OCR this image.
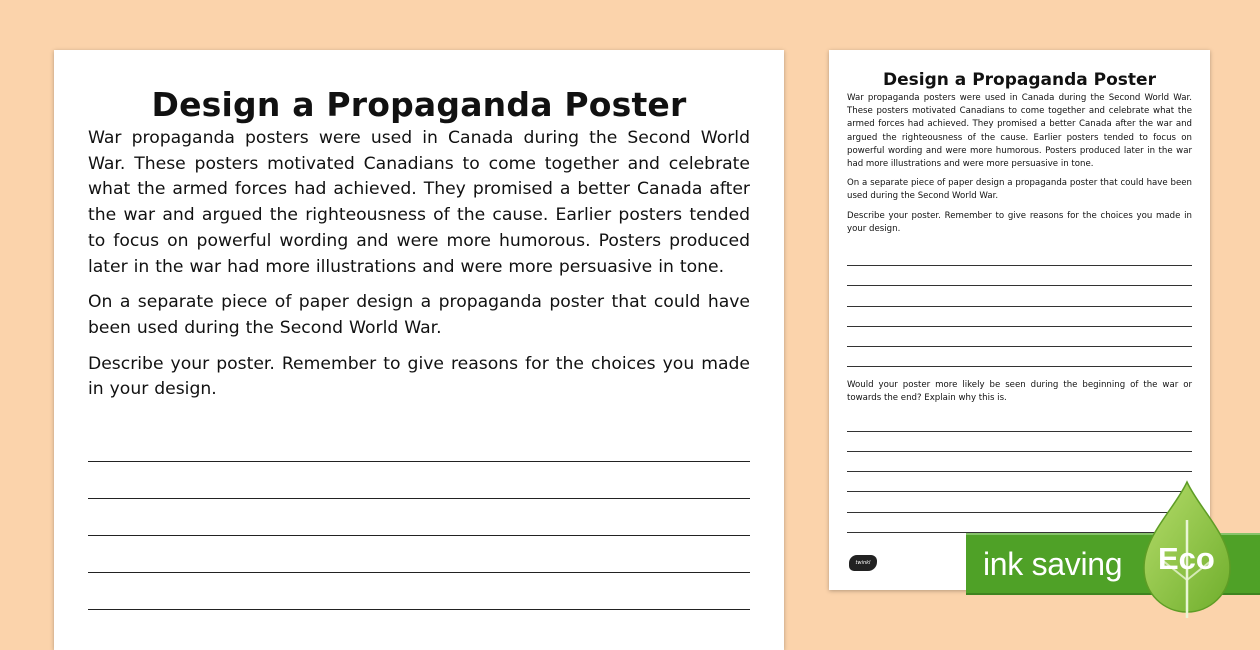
Design a Propaganda Poster

War propaganda posters were used in Canada during the Second World War. These posters motivated Canadians to come together and celebrate what the armed forces had achieved. They promised a better Canada after the war and argued the righteousness of the cause. Earlier posters tended to focus on powerful wording and were more humorous. Posters produced later in the war had more illustrations and were more persuasive in tone.

On a separate piece of paper design a propaganda poster that could have been used during the Second World War.

Describe your poster. Remember to give reasons for the choices you made in your design.

Design a Propaganda Poster

War propaganda posters were used in Canada during the Second World War. These posters motivated Canadians to come together and celebrate what the armed forces had achieved. They promised a better Canada after the war and argued the righteousness of the cause. Earlier posters tended to focus on powerful wording and were more humorous. Posters produced later in the war had more illustrations and were more persuasive in tone.

On a separate piece of paper design a propaganda poster that could have been used during the Second World War.

Describe your poster. Remember to give reasons for the choices you made in your design.

Would your poster more likely be seen during the beginning of the war or towards the end? Explain why this is.

twinkl	ink saving Eco
